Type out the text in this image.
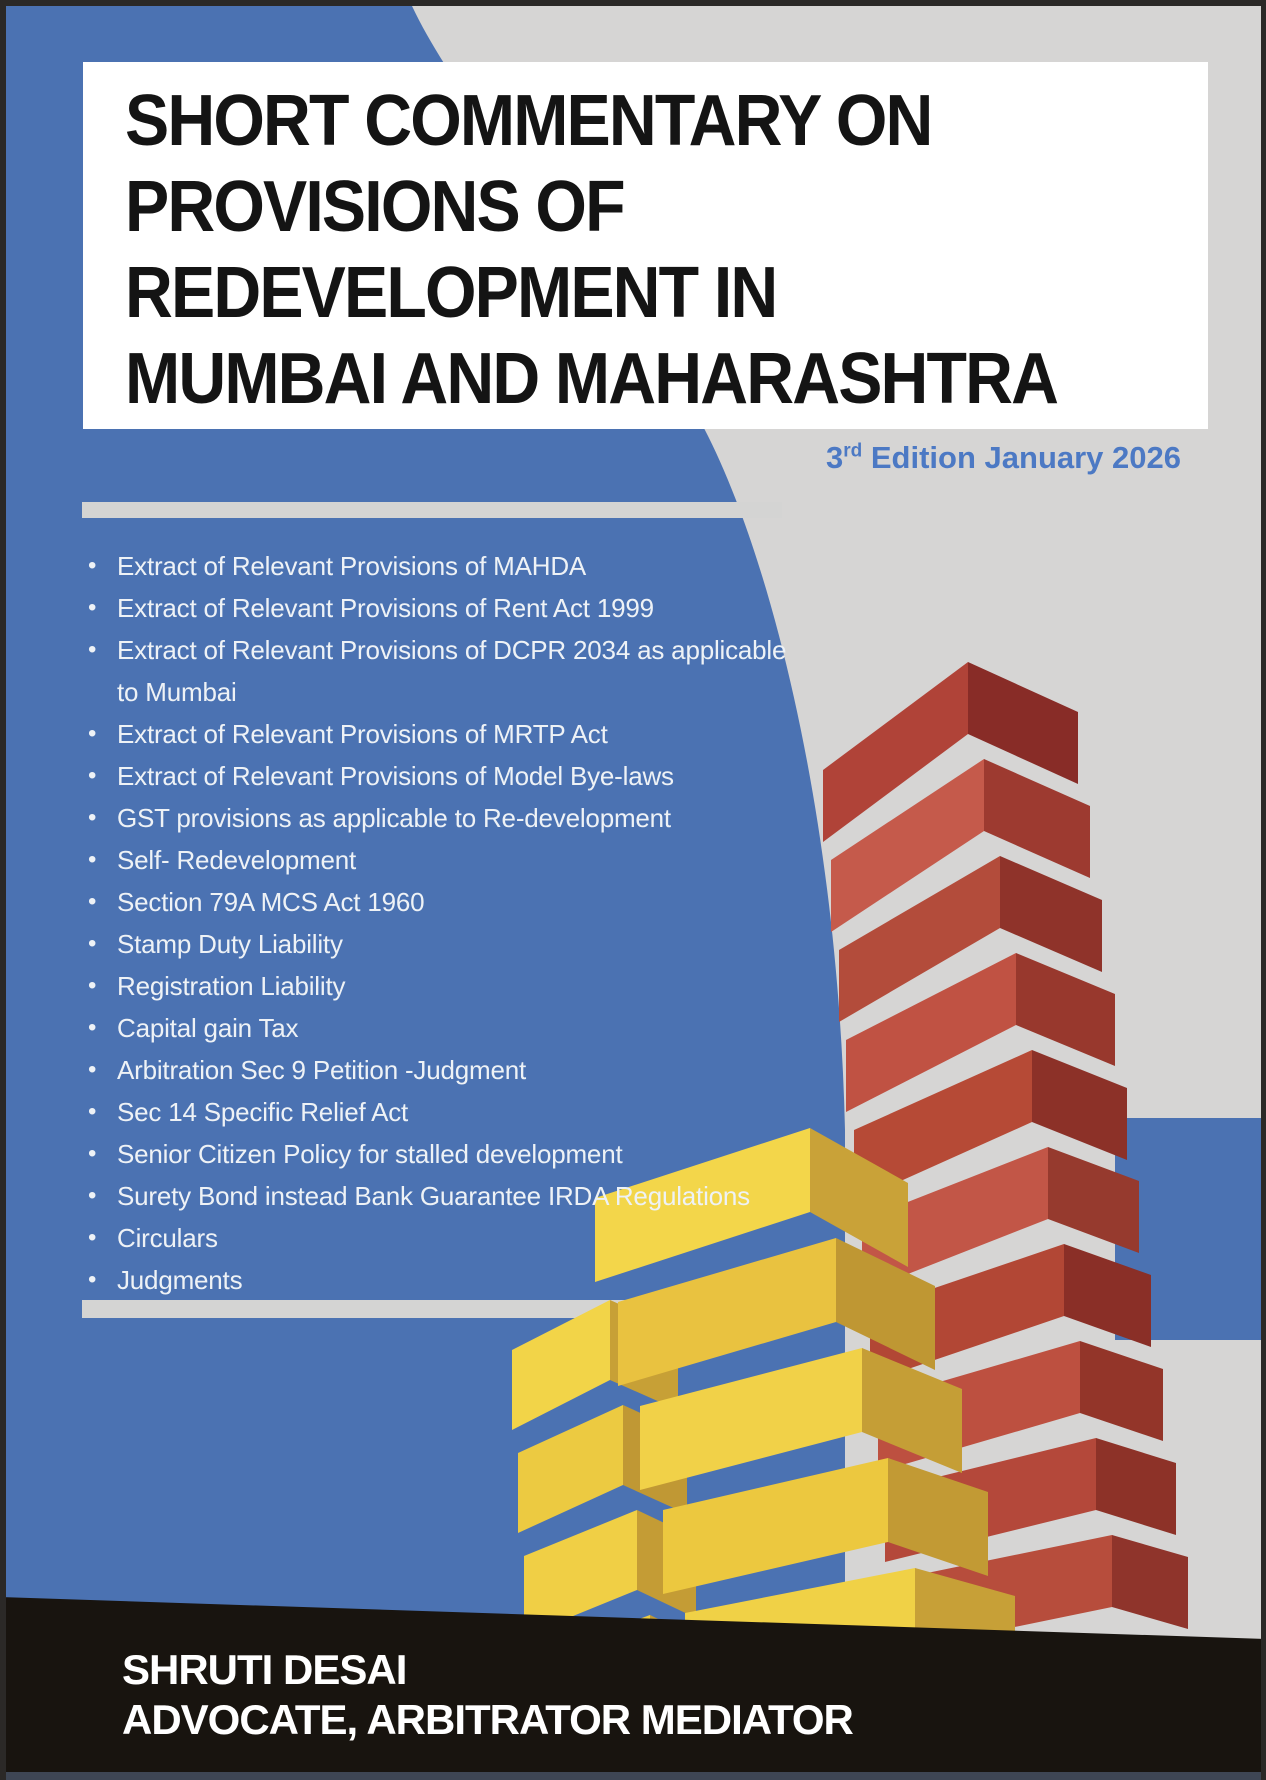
SHORT COMMENTARY ON
PROVISIONS OF
REDEVELOPMENT IN
MUMBAI AND MAHARASHTRA
3rd Edition January 2026
• Extract of Relevant Provisions of MAHDA
• Extract of Relevant Provisions of Rent Act 1999
• Extract of Relevant Provisions of DCPR 2034 as applicable to Mumbai
• Extract of Relevant Provisions of MRTP Act
• Extract of Relevant Provisions of Model Bye-laws
• GST provisions as applicable to Re-development
• Self- Redevelopment
• Section 79A MCS Act 1960
• Stamp Duty Liability
• Registration Liability
• Capital gain Tax
• Arbitration Sec 9 Petition -Judgment
• Sec 14 Specific Relief Act
• Senior Citizen Policy for stalled development
• Surety Bond instead Bank Guarantee IRDA Regulations
• Circulars
• Judgments
SHRUTI DESAI
ADVOCATE, ARBITRATOR MEDIATOR
